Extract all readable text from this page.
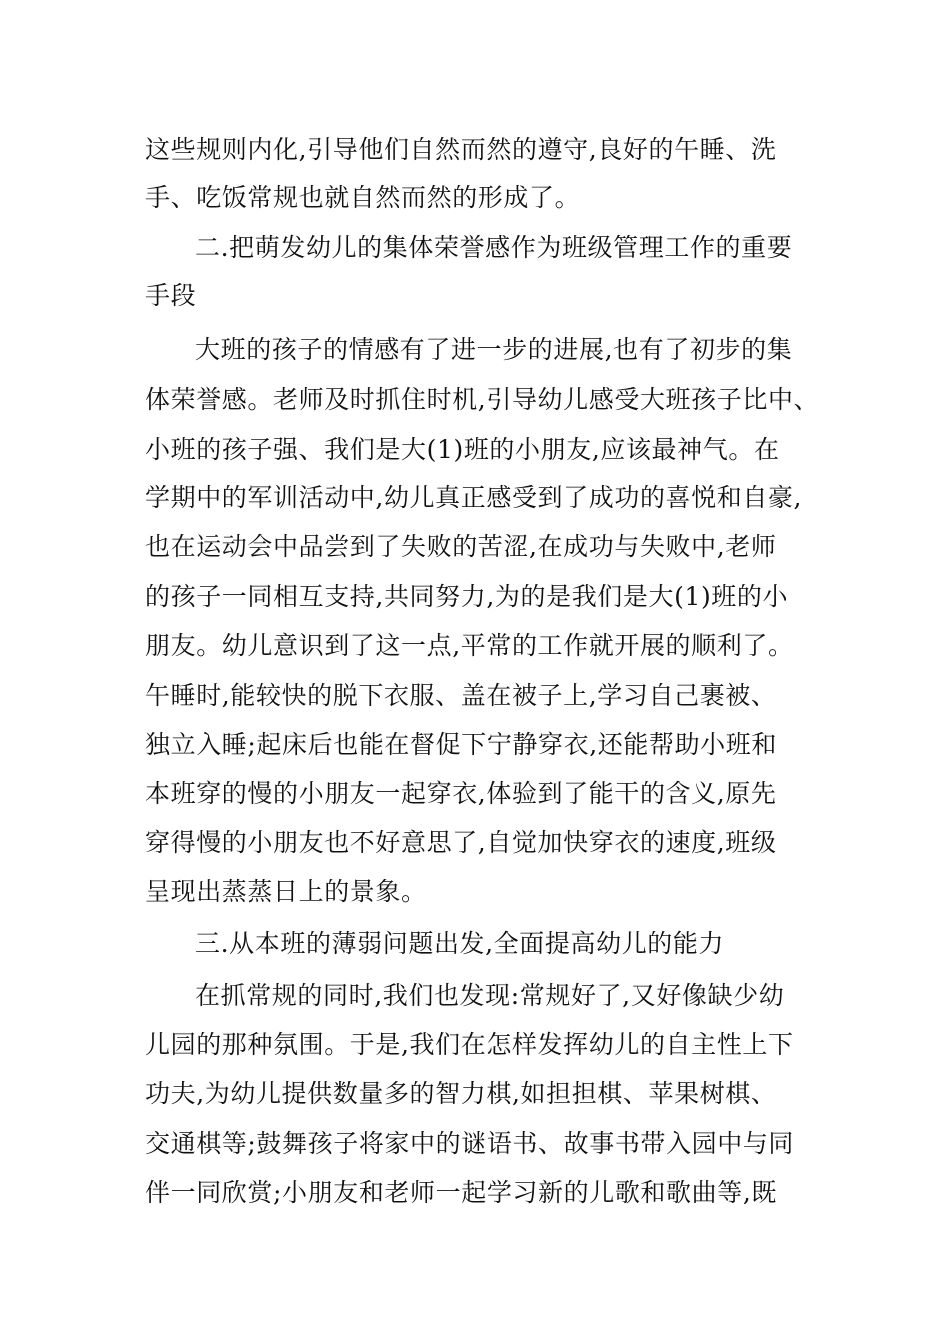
这些规则内化,引导他们自然而然的遵守,良好的午睡、洗
手、吃饭常规也就自然而然的形成了。
二.把萌发幼儿的集体荣誉感作为班级管理工作的重要
手段
大班的孩子的情感有了进一步的进展,也有了初步的集
体荣誉感。老师及时抓住时机,引导幼儿感受大班孩子比中、
小班的孩子强、我们是大(1)班的小朋友,应该最神气。在
学期中的军训活动中,幼儿真正感受到了成功的喜悦和自豪,
也在运动会中品尝到了失败的苦涩,在成功与失败中,老师
的孩子一同相互支持,共同努力,为的是我们是大(1)班的小
朋友。幼儿意识到了这一点,平常的工作就开展的顺利了。
午睡时,能较快的脱下衣服、盖在被子上,学习自己裹被、
独立入睡;起床后也能在督促下宁静穿衣,还能帮助小班和
本班穿的慢的小朋友一起穿衣,体验到了能干的含义,原先
穿得慢的小朋友也不好意思了,自觉加快穿衣的速度,班级
呈现出蒸蒸日上的景象。
三.从本班的薄弱问题出发,全面提高幼儿的能力
在抓常规的同时,我们也发现:常规好了,又好像缺少幼
儿园的那种氛围。于是,我们在怎样发挥幼儿的自主性上下
功夫,为幼儿提供数量多的智力棋,如担担棋、苹果树棋、
交通棋等;鼓舞孩子将家中的谜语书、故事书带入园中与同
伴一同欣赏;小朋友和老师一起学习新的儿歌和歌曲等,既
